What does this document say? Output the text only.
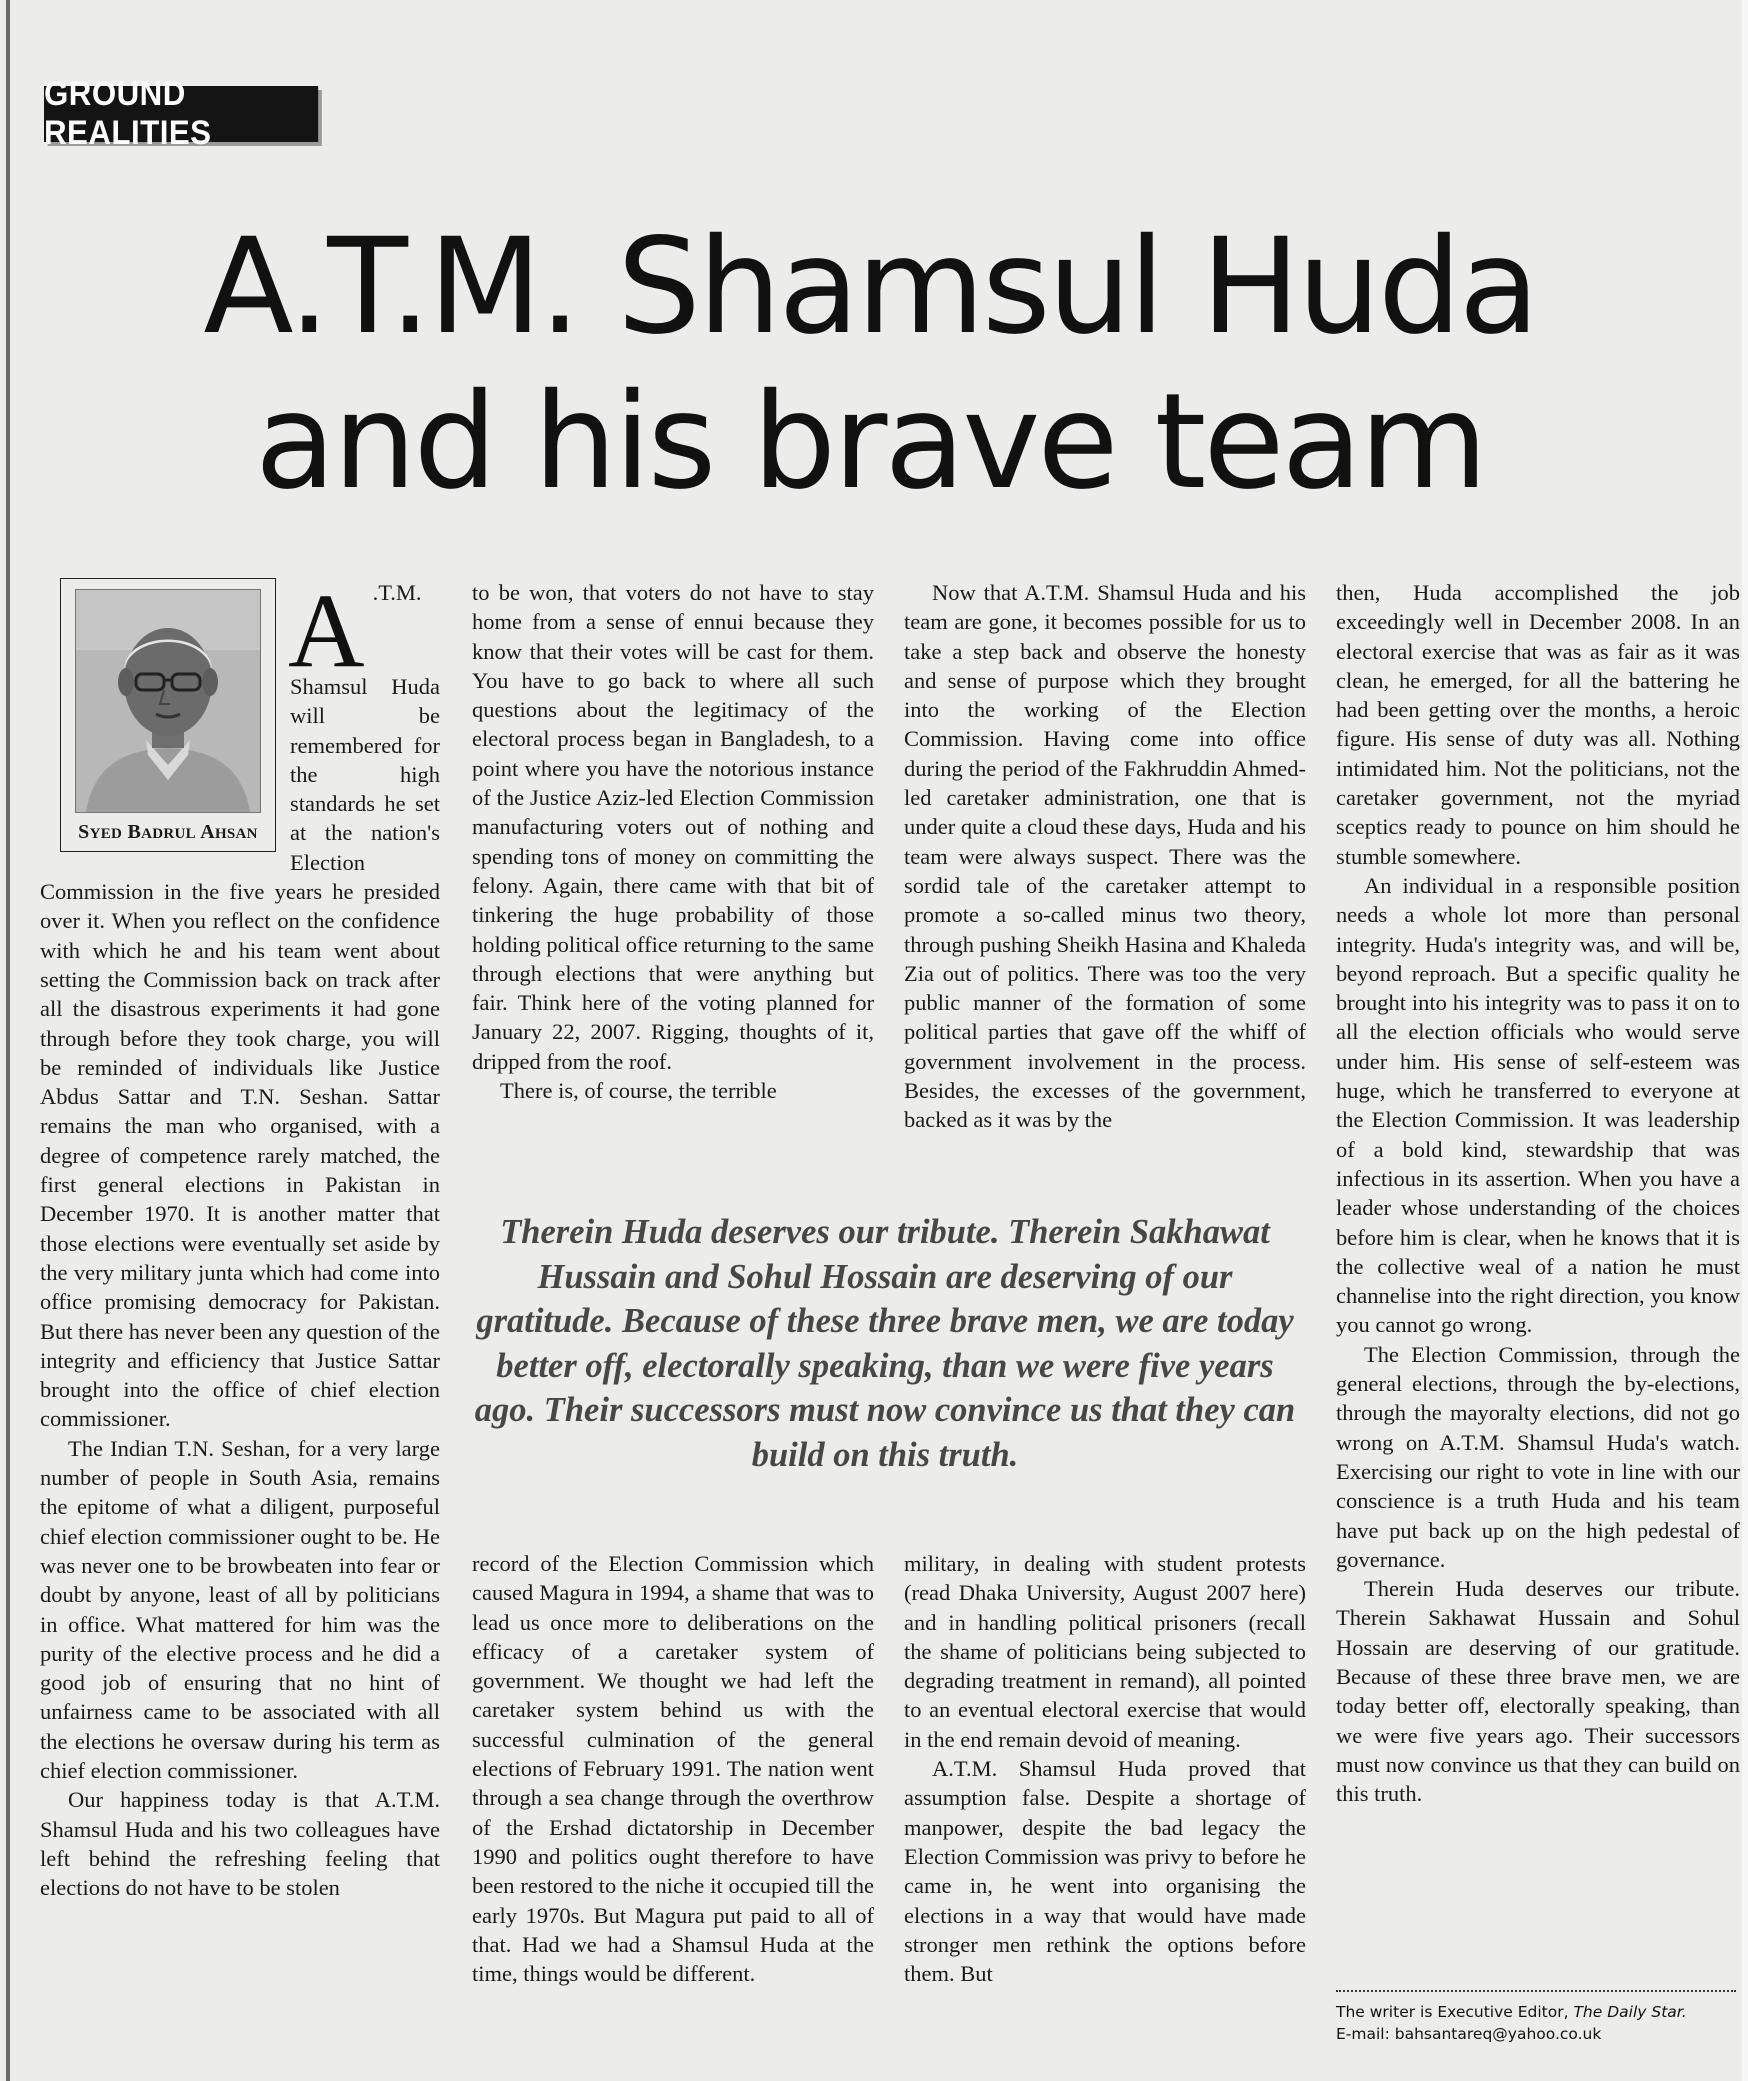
GROUND REALITIES
A.T.M. Shamsul Huda
and his brave team
SYED BADRUL AHSAN
A .T.M. Shamsul Huda will be remembered for the high standards he set at the nation's Election Commission in the five years he presided over it. When you reflect on the confidence with which he and his team went about setting the Commission back on track after all the disastrous experiments it had gone through before they took charge, you will be reminded of individuals like Justice Abdus Sattar and T.N. Seshan. Sattar remains the man who organised, with a degree of competence rarely matched, the first general elections in Pakistan in December 1970. It is another matter that those elections were eventually set aside by the very military junta which had come into office promising democracy for Pakistan. But there has never been any question of the integrity and efficiency that Justice Sattar brought into the office of chief election commissioner.

The Indian T.N. Seshan, for a very large number of people in South Asia, remains the epitome of what a diligent, purposeful chief election commissioner ought to be. He was never one to be browbeaten into fear or doubt by anyone, least of all by politicians in office. What mattered for him was the purity of the elective process and he did a good job of ensuring that no hint of unfairness came to be associated with all the elections he oversaw during his term as chief election commissioner.

Our happiness today is that A.T.M. Shamsul Huda and his two colleagues have left behind the refreshing feeling that elections do not have to be stolen

to be won, that voters do not have to stay home from a sense of ennui because they know that their votes will be cast for them. You have to go back to where all such questions about the legitimacy of the electoral process began in Bangladesh, to a point where you have the notorious instance of the Justice Aziz-led Election Commission manufacturing voters out of nothing and spending tons of money on committing the felony. Again, there came with that bit of tinkering the huge probability of those holding political office returning to the same through elections that were anything but fair. Think here of the voting planned for January 22, 2007. Rigging, thoughts of it, dripped from the roof.

There is, of course, the terrible

Now that A.T.M. Shamsul Huda and his team are gone, it becomes possible for us to take a step back and observe the honesty and sense of purpose which they brought into the working of the Election Commission. Having come into office during the period of the Fakhruddin Ahmed-led caretaker administration, one that is under quite a cloud these days, Huda and his team were always suspect. There was the sordid tale of the caretaker attempt to promote a so-called minus two theory, through pushing Sheikh Hasina and Khaleda Zia out of politics. There was too the very public manner of the formation of some political parties that gave off the whiff of government involvement in the process. Besides, the excesses of the government, backed as it was by the

Therein Huda deserves our tribute. Therein Sakhawat Hussain and Sohul Hossain are deserving of our gratitude. Because of these three brave men, we are today better off, electorally speaking, than we were five years ago. Their successors must now convince us that they can build on this truth.

record of the Election Commission which caused Magura in 1994, a shame that was to lead us once more to deliberations on the efficacy of a caretaker system of government. We thought we had left the caretaker system behind us with the successful culmination of the general elections of February 1991. The nation went through a sea change through the overthrow of the Ershad dictatorship in December 1990 and politics ought therefore to have been restored to the niche it occupied till the early 1970s. But Magura put paid to all of that. Had we had a Shamsul Huda at the time, things would be different.

military, in dealing with student protests (read Dhaka University, August 2007 here) and in handling political prisoners (recall the shame of politicians being subjected to degrading treatment in remand), all pointed to an eventual electoral exercise that would in the end remain devoid of meaning.

A.T.M. Shamsul Huda proved that assumption false. Despite a shortage of manpower, despite the bad legacy the Election Commission was privy to before he came in, he went into organising the elections in a way that would have made stronger men rethink the options before them. But

then, Huda accomplished the job exceedingly well in December 2008. In an electoral exercise that was as fair as it was clean, he emerged, for all the battering he had been getting over the months, a heroic figure. His sense of duty was all. Nothing intimidated him. Not the politicians, not the caretaker government, not the myriad sceptics ready to pounce on him should he stumble somewhere.

An individual in a responsible position needs a whole lot more than personal integrity. Huda's integrity was, and will be, beyond reproach. But a specific quality he brought into his integrity was to pass it on to all the election officials who would serve under him. His sense of self-esteem was huge, which he transferred to everyone at the Election Commission. It was leadership of a bold kind, stewardship that was infectious in its assertion. When you have a leader whose understanding of the choices before him is clear, when he knows that it is the collective weal of a nation he must channelise into the right direction, you know you cannot go wrong.

The Election Commission, through the general elections, through the by-elections, through the mayoralty elections, did not go wrong on A.T.M. Shamsul Huda's watch. Exercising our right to vote in line with our conscience is a truth Huda and his team have put back up on the high pedestal of governance.

Therein Huda deserves our tribute. Therein Sakhawat Hussain and Sohul Hossain are deserving of our gratitude. Because of these three brave men, we are today better off, electorally speaking, than we were five years ago. Their successors must now convince us that they can build on this truth.

The writer is Executive Editor, The Daily Star.
E-mail: bahsantareq@yahoo.co.uk
